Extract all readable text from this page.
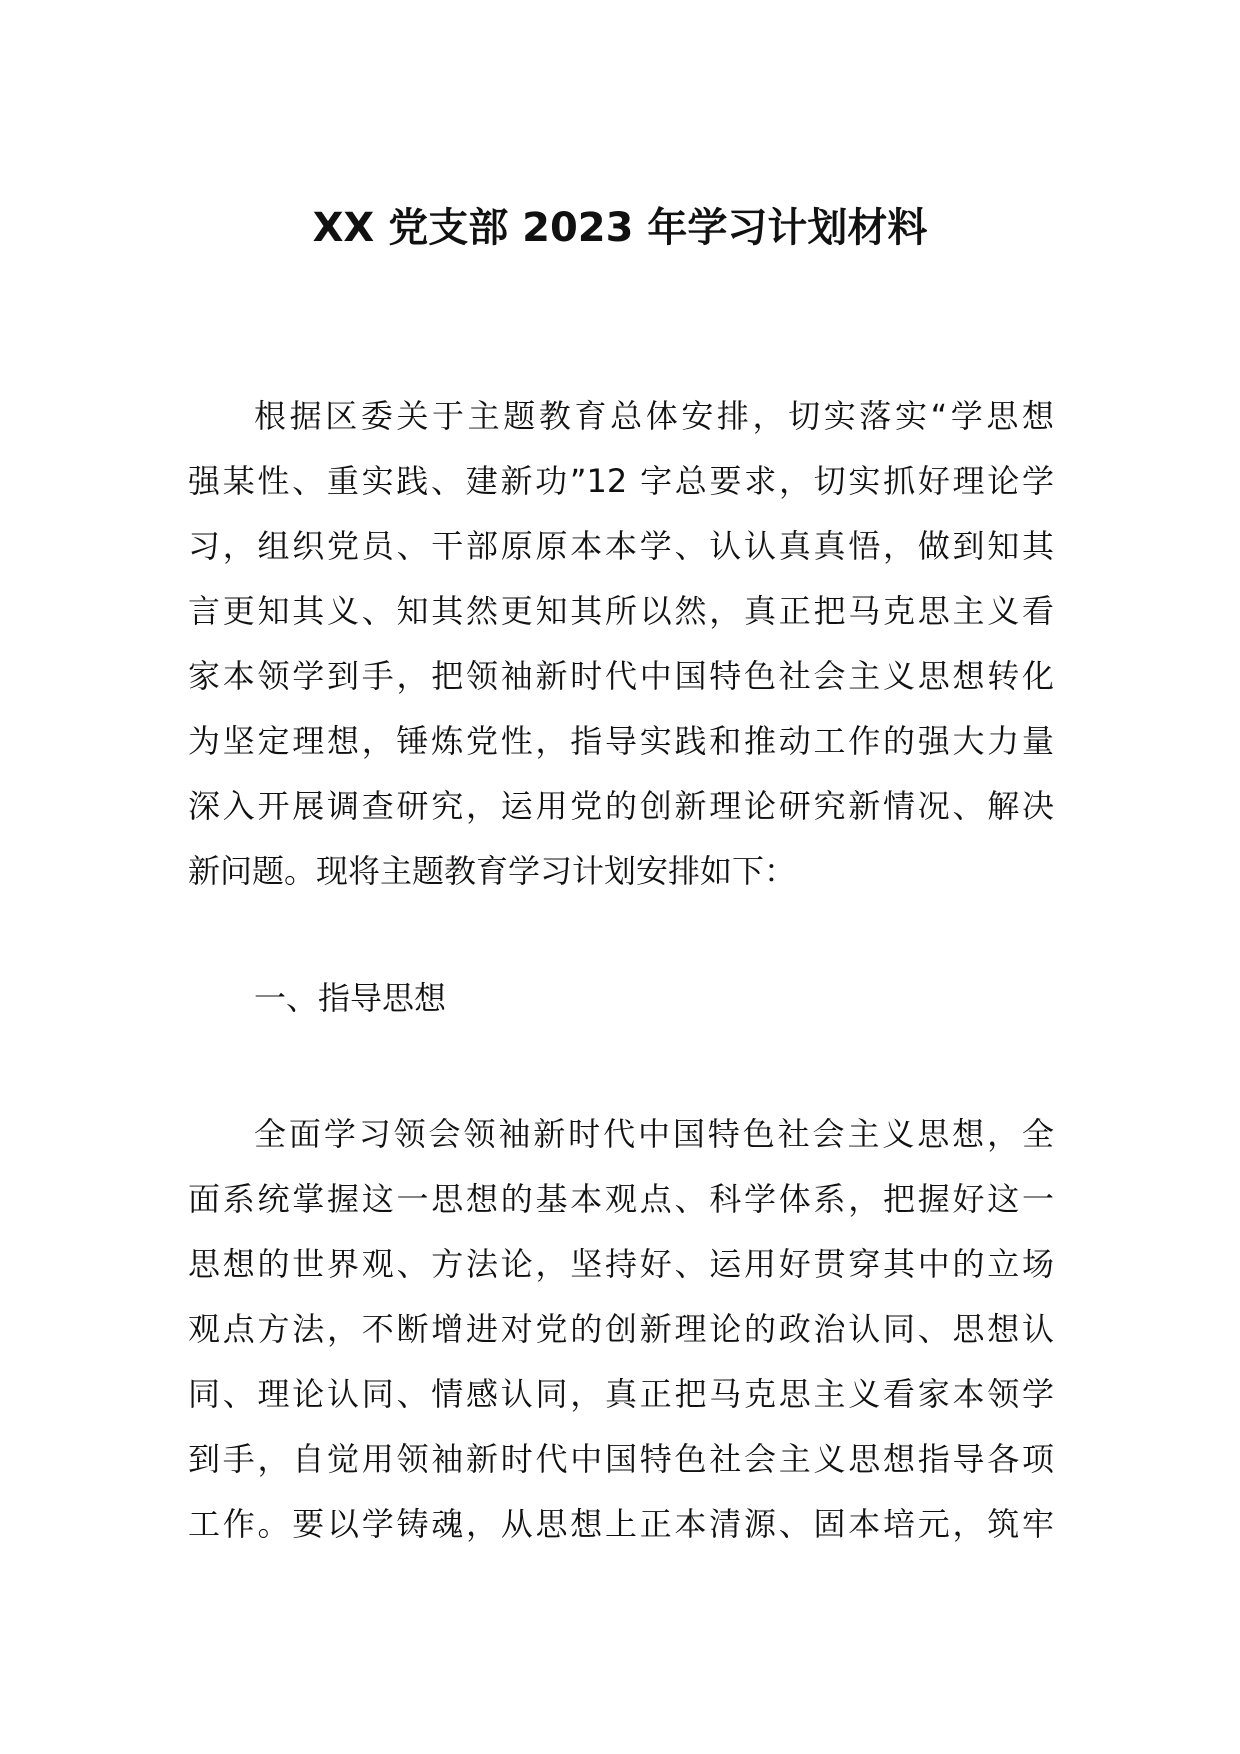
XX 党支部 2023 年学习计划材料
根据区委关于主题教育总体安排，切实落实“学思想
强某性、重实践、建新功”12 字总要求，切实抓好理论学
习，组织党员、干部原原本本学、认认真真悟，做到知其
言更知其义、知其然更知其所以然，真正把马克思主义看
家本领学到手，把领袖新时代中国特色社会主义思想转化
为坚定理想，锤炼党性，指导实践和推动工作的强大力量
深入开展调查研究，运用党的创新理论研究新情况、解决
新问题。现将主题教育学习计划安排如下：
一、指导思想
全面学习领会领袖新时代中国特色社会主义思想，全
面系统掌握这一思想的基本观点、科学体系，把握好这一
思想的世界观、方法论，坚持好、运用好贯穿其中的立场
观点方法，不断增进对党的创新理论的政治认同、思想认
同、理论认同、情感认同，真正把马克思主义看家本领学
到手，自觉用领袖新时代中国特色社会主义思想指导各项
工作。要以学铸魂，从思想上正本清源、固本培元，筑牢
